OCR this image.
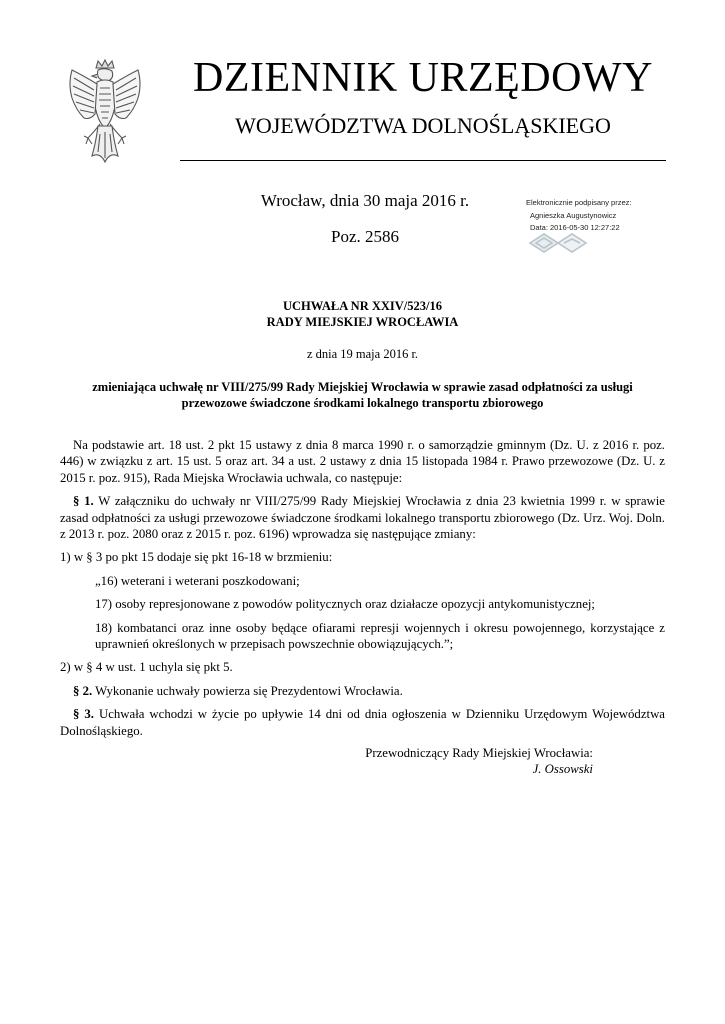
DZIENNIK URZĘDOWY
WOJEWÓDZTWA DOLNOŚLĄSKIEGO
Wrocław, dnia 30 maja 2016 r.
Poz. 2586
Elektronicznie podpisany przez:
Agnieszka Augustynowicz
Data: 2016-05-30 12:27:22
UCHWAŁA NR XXIV/523/16
RADY MIEJSKIEJ WROCŁAWIA
z dnia 19 maja 2016 r.
zmieniająca uchwałę nr VIII/275/99 Rady Miejskiej Wrocławia w sprawie zasad odpłatności za usługi
przewozowe świadczone środkami lokalnego transportu zbiorowego

Na podstawie art. 18 ust. 2 pkt 15 ustawy z dnia 8 marca 1990 r. o samorządzie gminnym (Dz. U. z 2016 r. poz. 446) w związku z art. 15 ust. 5 oraz art. 34 a ust. 2 ustawy z dnia 15 listopada 1984 r. Prawo przewozowe (Dz. U. z 2015 r. poz. 915), Rada Miejska Wrocławia uchwala, co następuje:

§ 1. W załączniku do uchwały nr VIII/275/99 Rady Miejskiej Wrocławia z dnia 23 kwietnia 1999 r. w sprawie zasad odpłatności za usługi przewozowe świadczone środkami lokalnego transportu zbiorowego (Dz. Urz. Woj. Doln. z 2013 r. poz. 2080 oraz z 2015 r. poz. 6196) wprowadza się następujące zmiany:

1) w § 3 po pkt 15 dodaje się pkt 16-18 w brzmieniu:

„16) weterani i weterani poszkodowani;

17) osoby represjonowane z powodów politycznych oraz działacze opozycji antykomunistycznej;

18) kombatanci oraz inne osoby będące ofiarami represji wojennych i okresu powojennego, korzystające z uprawnień określonych w przepisach powszechnie obowiązujących.”;

2) w § 4 w ust. 1 uchyla się pkt 5.

§ 2. Wykonanie uchwały powierza się Prezydentowi Wrocławia.

§ 3. Uchwała wchodzi w życie po upływie 14 dni od dnia ogłoszenia w Dzienniku Urzędowym Województwa Dolnośląskiego.

Przewodniczący Rady Miejskiej Wrocławia:
J. Ossowski
